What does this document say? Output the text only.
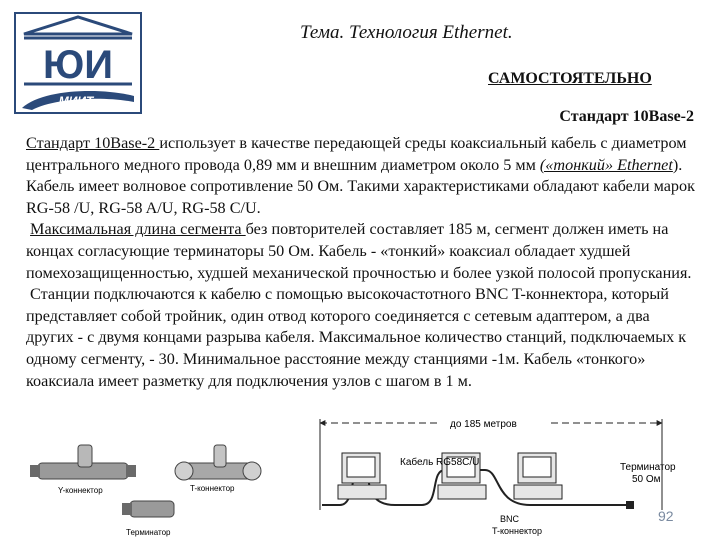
ЮИ
МИИТ
Тема. Технология Ethernet.
САМОСТОЯТЕЛЬНО
Стандарт 10Base-2

Стандарт 10Base-2 использует в качестве передающей среды коаксиальный кабель с диаметром центрального медного провода 0,89 мм и внешним диаметром около 5 мм («тонкий» Ethernet). Кабель имеет волновое сопротивление 50 Ом. Такими характеристиками обладают кабели марок RG-58 /U, RG-58 A/U, RG-58 C/U.

Максимальная длина сегмента без повторителей составляет 185 м, сегмент должен иметь на концах согласующие терминаторы 50 Ом. Кабель - «тонкий» коаксиал обладает худшей помехозащищенностью, худшей механической прочностью и более узкой полосой пропускания.

Станции подключаются к кабелю с помощью высокочастотного BNC T-коннектора, который представляет собой тройник, один отвод которого соединяется с сетевым адаптером, а два других - с двумя концами разрыва кабеля. Максимальное количество станций, подключаемых к одному сегменту, - 30. Минимальное расстояние между станциями -1м. Кабель «тонкого» коаксиала имеет разметку для подключения узлов с шагом в 1 м.

Y-коннектор	T-коннектор
Терминатор
до 185 метров
Терминатор
50 Ом
Кабель RG58C/U
BNC
T-коннектор
92
